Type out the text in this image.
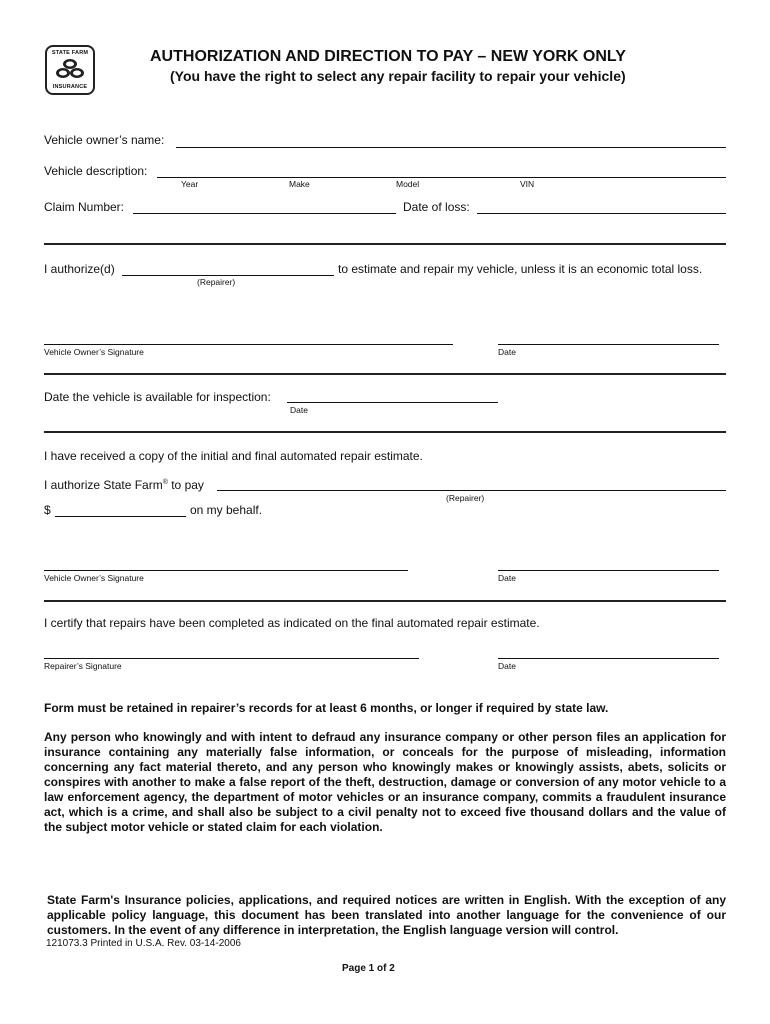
STATE FARM
INSURANCE
AUTHORIZATION AND DIRECTION TO PAY – NEW YORK ONLY
(You have the right to select any repair facility to repair your vehicle)
Vehicle owner’s name:
Vehicle description:
Year	Make	Model	VIN
Claim Number:	Date of loss:
I authorize(d)	to estimate and repair my vehicle, unless it is an economic total loss.
(Repairer)
Vehicle Owner’s Signature	Date
Date the vehicle is available for inspection:
Date
I have received a copy of the initial and final automated repair estimate.
I authorize State Farm® to pay
(Repairer)
$	on my behalf.
Vehicle Owner’s Signature	Date
I certify that repairs have been completed as indicated on the final automated repair estimate.
Repairer’s Signature	Date
Form must be retained in repairer’s records for at least 6 months, or longer if required by state law.
Any person who knowingly and with intent to defraud any insurance company or other person files an application for insurance containing any materially false information, or conceals for the purpose of misleading, information concerning any fact material thereto, and any person who knowingly makes or knowingly assists, abets, solicits or conspires with another to make a false report of the theft, destruction, damage or conversion of any motor vehicle to a law enforcement agency, the department of motor vehicles or an insurance company, commits a fraudulent insurance act, which is a crime, and shall also be subject to a civil penalty not to exceed five thousand dollars and the value of the subject motor vehicle or stated claim for each violation.
State Farm's Insurance policies, applications, and required notices are written in English. With the exception of any applicable policy language, this document has been translated into another language for the convenience of our customers. In the event of any difference in interpretation, the English language version will control.
121073.3 Printed in U.S.A. Rev. 03-14-2006
Page 1 of 2
